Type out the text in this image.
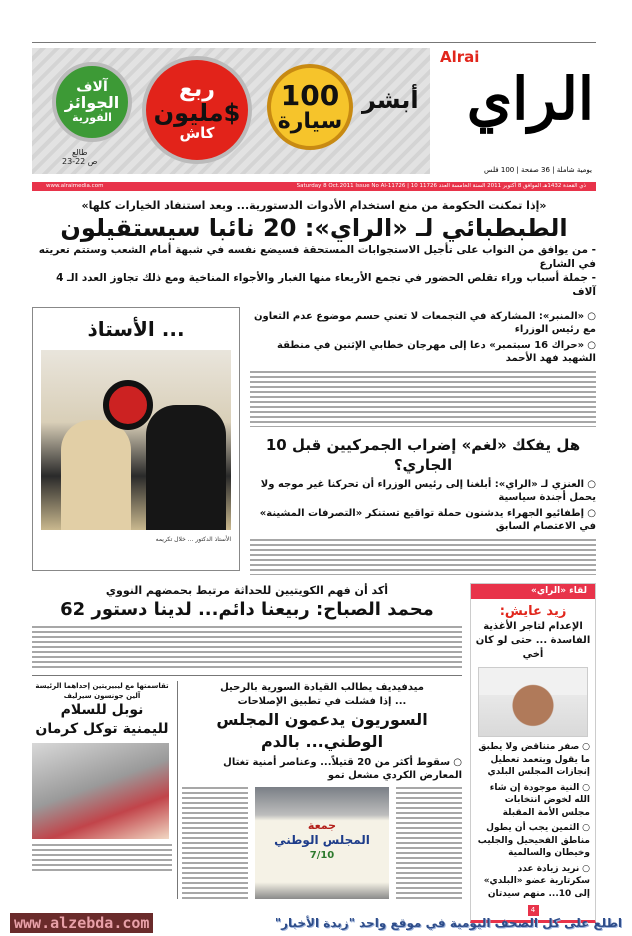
آلاف
الجوائز
الفورية
ربع
مليون$
كاش
100
سيارة
أبشر
طالع
ص 22-23
Alrai
الراي
يومية شاملة | 36 صفحة | 100 فلس
www.alraimedia.com	Saturday 8 Oct.2011 Issue No Al-11726 | 10 ذي القعدة 1432هـ الموافق 8 أكتوبر 2011 السنة الخامسة العدد 11726
«إذا تمكنت الحكومة من منع استخدام الأدوات الدستورية... وبعد استنفاد الخيارات كلها»
الطبطبائي لـ «الراي»: 20 نائبا سيستقيلون
- من يوافق من النواب على تأجيل الاستجوابات المستحقة فسيضع نفسه في شبهة أمام الشعب وستتم تعريته في الشارع
- جملة أسباب وراء تقلص الحضور في تجمع الأربعاء منها الغبار والأجواء المناخية ومع ذلك تجاوز العدد الـ 4 آلاف
... الأستاذ
الأستاذ الدكتور ... خلال تكريمه
○ «المنبر»: المشاركة في التجمعات لا تعني حسم موضوع عدم التعاون مع رئيس الوزراء
○ «حراك 16 سبتمبر» دعا إلى مهرجان خطابي الإثنين في منطقة الشهيد فهد الأحمد
هل يفكك «لغم» إضراب الجمركيين قبل 10 الجاري؟
○ العنزي لـ «الراي»: أبلغنا إلى رئيس الوزراء أن تحركنا غير موجه ولا يحمل أجندة سياسية
○ إطفائيو الجهراء يدشنون حملة تواقيع تستنكر «التصرفات المشينة» في الاعتصام السابق
أكد أن فهم الكويتيين للحداثة مرتبط بحمضهم النووي
محمد الصباح: ربيعنا دائم... لدينا دستور 62
تقاسمتها مع ليبيريتين إحداهما الرئيسة آلين جونسون سيرليف
نوبل للسلام
لليمنية توكل كرمان
ميدفيديف يطالب القيادة السورية بالرحيل
... إذا فشلت في تطبيق الإصلاحات
السوريون يدعمون المجلس الوطني... بالدم
○ سقوط أكثر من 20 قتيلاً... وعناصر أمنية تغتال المعارض الكردي مشعل تمو
جمعة
المجلس الوطني
7/10
لقاء «الراي»
زيد عايش:
الإعدام لتاجر الأغذية الفاسدة ... حتى لو كان أخي
○ صفر متناقض ولا يطبق ما يقول ويتعمد تعطيل إنجازات المجلس البلدي
○ النية موجودة إن شاء الله لخوض انتخابات مجلس الأمة المقبلة
○ الثمين يجب أن يطول مناطق الفحيحيل والجليب وخيطان والسالمية
○ نريد زيادة عدد سكرتارية عضو «البلدي» إلى 10... منهم سيدتان
4
www.alzebda.com	اطلع على كل الصحف اليومية في موقع واحد "زبدة الأخبار"
